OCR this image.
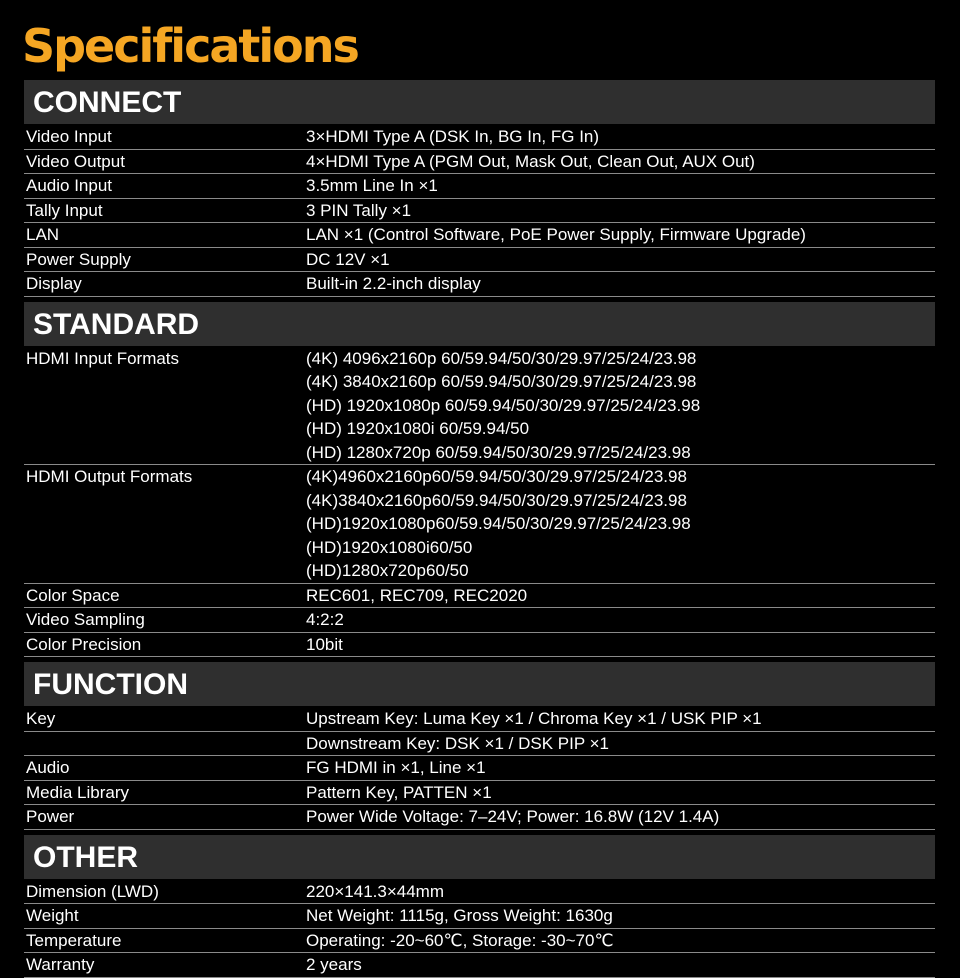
Specifications
CONNECT
Video Input	3×HDMI Type A (DSK In, BG In, FG In)
Video Output	4×HDMI Type A (PGM Out, Mask Out, Clean Out, AUX Out)
Audio Input	3.5mm Line In ×1
Tally Input	3 PIN Tally ×1
LAN	LAN ×1 (Control Software, PoE Power Supply, Firmware Upgrade)
Power Supply	DC 12V ×1
Display	Built-in 2.2-inch display
STANDARD
HDMI Input Formats	(4K) 4096x2160p 60/59.94/50/30/29.97/25/24/23.98
(4K) 3840x2160p 60/59.94/50/30/29.97/25/24/23.98
(HD) 1920x1080p 60/59.94/50/30/29.97/25/24/23.98
(HD) 1920x1080i 60/59.94/50
(HD) 1280x720p 60/59.94/50/30/29.97/25/24/23.98
HDMI Output Formats	(4K)4960x2160p60/59.94/50/30/29.97/25/24/23.98
(4K)3840x2160p60/59.94/50/30/29.97/25/24/23.98
(HD)1920x1080p60/59.94/50/30/29.97/25/24/23.98
(HD)1920x1080i60/50
(HD)1280x720p60/50
Color Space	REC601, REC709, REC2020
Video Sampling	4:2:2
Color Precision	10bit
FUNCTION
Key	Upstream Key: Luma Key ×1 / Chroma Key ×1 / USK PIP ×1
Downstream Key: DSK ×1 / DSK PIP ×1
Audio	FG HDMI in ×1, Line ×1
Media Library	Pattern Key, PATTEN ×1
Power	Power Wide Voltage: 7–24V; Power: 16.8W (12V 1.4A)
OTHER
Dimension (LWD)	220×141.3×44mm
Weight	Net Weight: 1115g, Gross Weight: 1630g
Temperature	Operating: -20~60℃, Storage: -30~70℃
Warranty	2 years
